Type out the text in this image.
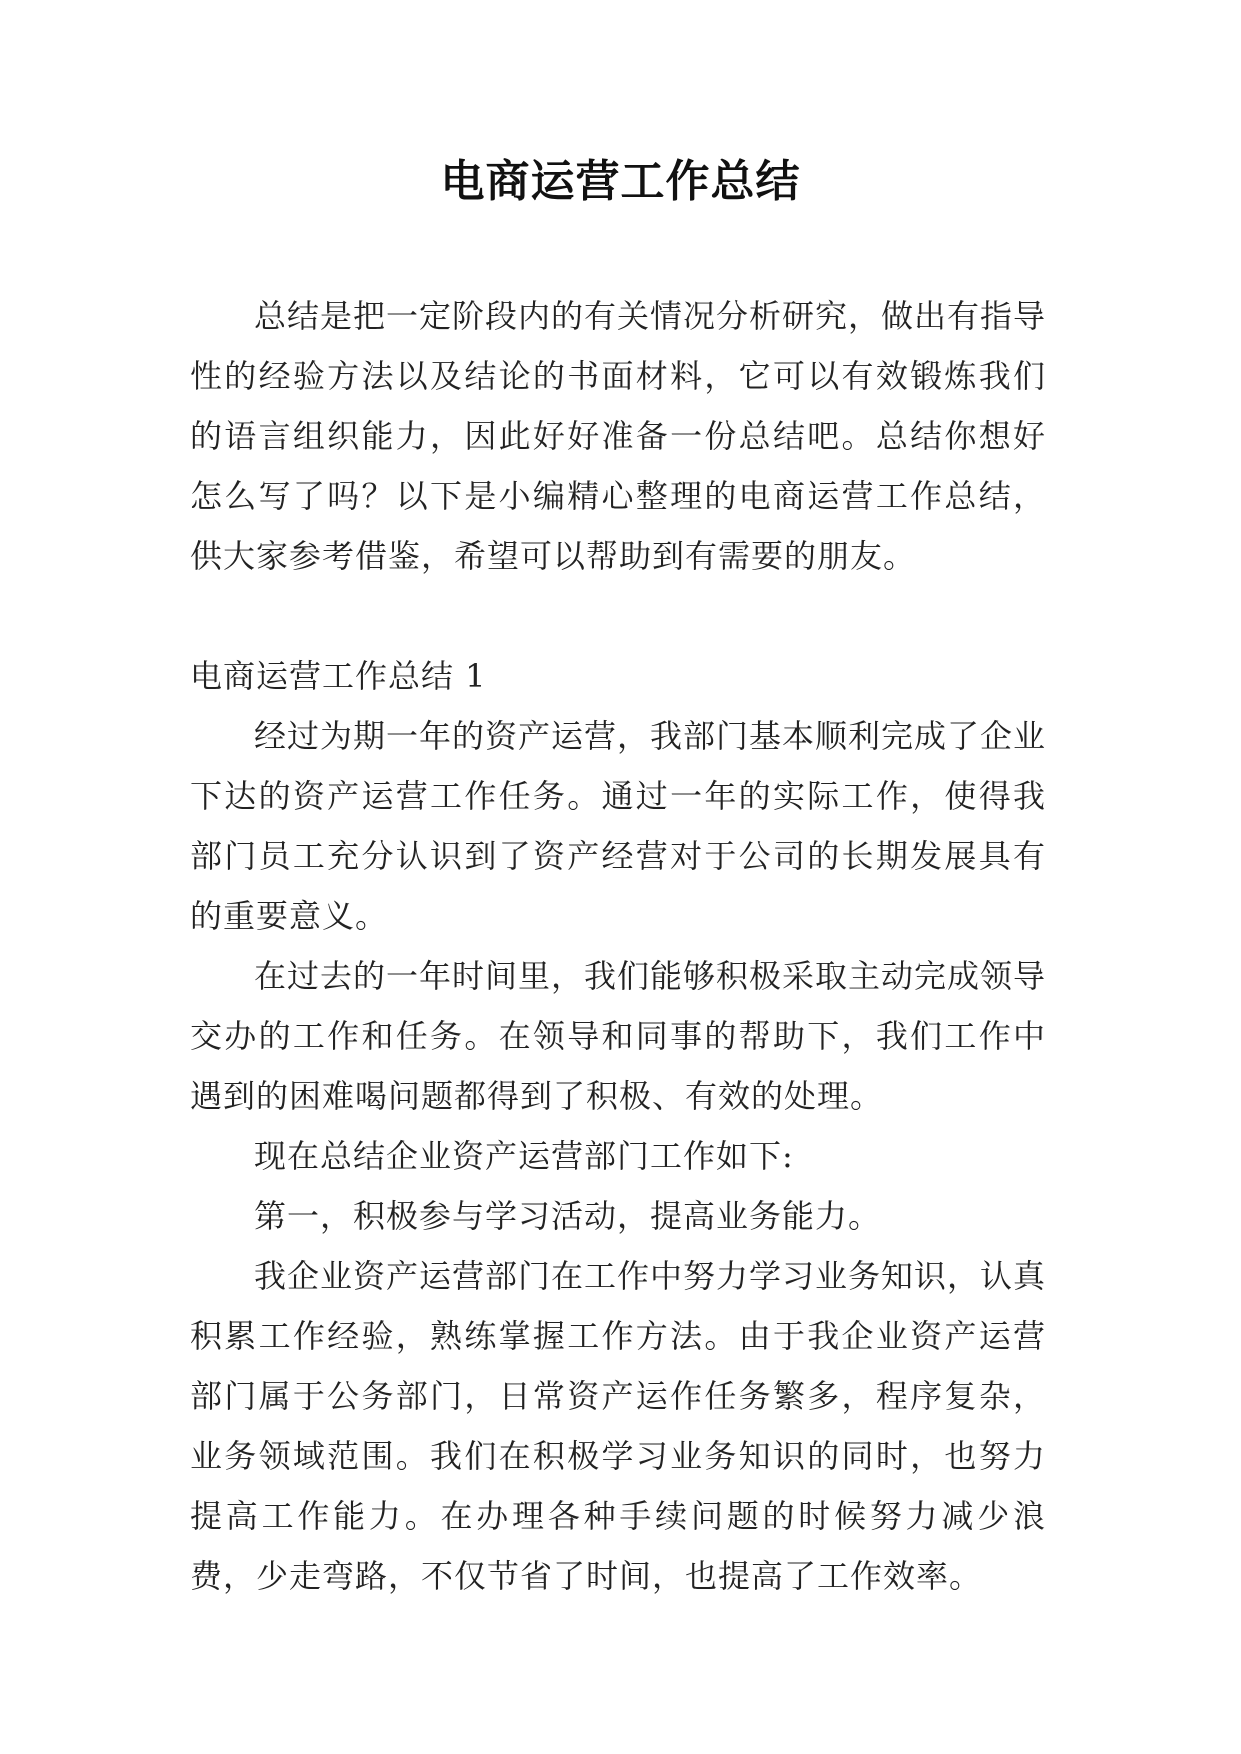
电商运营工作总结

总结是把一定阶段内的有关情况分析研究，做出有指导性的经验方法以及结论的书面材料，它可以有效锻炼我们的语言组织能力，因此好好准备一份总结吧。总结你想好怎么写了吗？以下是小编精心整理的电商运营工作总结，供大家参考借鉴，希望可以帮助到有需要的朋友。

电商运营工作总结 1

经过为期一年的资产运营，我部门基本顺利完成了企业下达的资产运营工作任务。通过一年的实际工作，使得我部门员工充分认识到了资产经营对于公司的长期发展具有的重要意义。

在过去的一年时间里，我们能够积极采取主动完成领导交办的工作和任务。在领导和同事的帮助下，我们工作中遇到的困难喝问题都得到了积极、有效的处理。

现在总结企业资产运营部门工作如下:

第一，积极参与学习活动，提高业务能力。

我企业资产运营部门在工作中努力学习业务知识，认真积累工作经验，熟练掌握工作方法。由于我企业资产运营部门属于公务部门，日常资产运作任务繁多，程序复杂，业务领域范围。我们在积极学习业务知识的同时，也努力提高工作能力。在办理各种手续问题的时候努力减少浪费，少走弯路，不仅节省了时间，也提高了工作效率。
